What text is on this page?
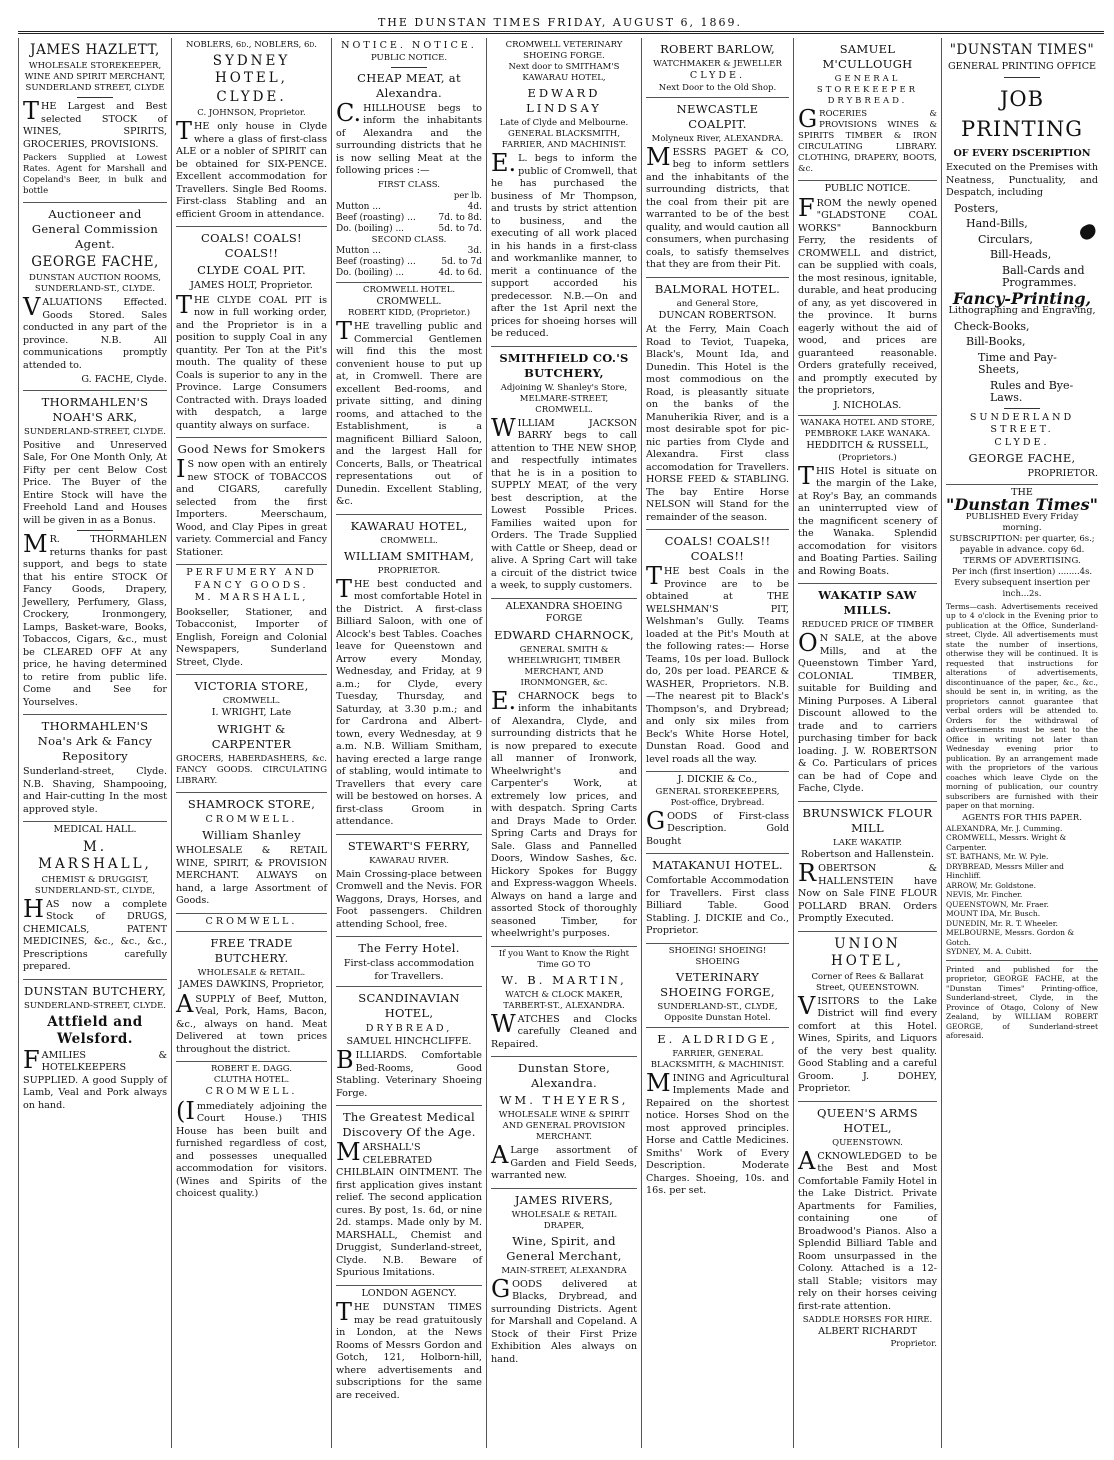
THE DUNSTAN TIMES FRIDAY, AUGUST 6, 1869.
JAMES HAZLETT,
WHOLESALE STOREKEEPER, WINE AND SPIRIT MERCHANT, SUNDERLAND STREET, CLYDE
THE Largest and Best selected STOCK of WINES, SPIRITS, GROCERIES, PROVISIONS.
Packers Supplied at Lowest Rates. Agent for Marshall and Copeland's Beer, in bulk and bottle
Auctioneer and General Commission Agent.
GEORGE FACHE,
DUNSTAN AUCTION ROOMS, SUNDERLAND-ST., CLYDE.
VALUATIONS Effected. Goods Stored. Sales conducted in any part of the province. N.B. All communications promptly attended to.
G. FACHE, Clyde.
THORMAHLEN'S NOAH'S ARK,
SUNDERLAND-STREET, CLYDE.
Positive and Unreserved Sale, For One Month Only, At Fifty per cent Below Cost Price. The Buyer of the Entire Stock will have the Freehold Land and Houses will be given in as a Bonus.
MR. THORMAHLEN returns thanks for past support, and begs to state that his entire STOCK Of Fancy Goods, Drapery, Jewellery, Perfumery, Glass, Crockery, Ironmongery, Lamps, Basket-ware, Books, Tobaccos, Cigars, &c., must be CLEARED OFF At any price, he having determined to retire from public life. Come and See for Yourselves.
THORMAHLEN'S Noa's Ark & Fancy Repository
Sunderland-street, Clyde. N.B. Shaving, Shampooing, and Hair-cutting In the most approved style.
MEDICAL HALL.
M. MARSHALL,
CHEMIST & DRUGGIST, SUNDERLAND-ST., CLYDE,
HAS now a complete Stock of DRUGS, CHEMICALS, PATENT MEDICINES, &c., &c., &c., Prescriptions carefully prepared.
DUNSTAN BUTCHERY,
SUNDERLAND-STREET, CLYDE.
Attfield and Welsford.
FAMILIES & HOTELKEEPERS SUPPLIED. A good Supply of Lamb, Veal and Pork always on hand.
NOBLERS, 6d., NOBLERS, 6d.
SYDNEY HOTEL,
CLYDE.
C. JOHNSON, Proprietor.
THE only house in Clyde where a glass of first-class ALE or a nobler of SPIRIT can be obtained for SIX-PENCE. Excellent accommodation for Travellers. Single Bed Rooms. First-class Stabling and an efficient Groom in attendance.
COALS! COALS! COALS!!
CLYDE COAL PIT.
JAMES HOLT, Proprietor.
THE CLYDE COAL PIT is now in full working order, and the Proprietor is in a position to supply Coal in any quantity. Per Ton at the Pit's mouth. The quality of these Coals is superior to any in the Province. Large Consumers Contracted with. Drays loaded with despatch, a large quantity always on surface.
Good News for Smokers
IS now open with an entirely new STOCK of TOBACCOS and CIGARS, carefully selected from the first Importers. Meerschaum, Wood, and Clay Pipes in great variety. Commercial and Fancy Stationer.
PERFUMERY AND FANCY GOODS.
M. MARSHALL,
Bookseller, Stationer, and Tobacconist, Importer of English, Foreign and Colonial Newspapers, Sunderland Street, Clyde.
VICTORIA STORE,
CROMWELL.
I. WRIGHT, Late
WRIGHT & CARPENTER
GROCERS, HABERDASHERS, &c. FANCY GOODS. CIRCULATING LIBRARY.
SHAMROCK STORE,
CROMWELL.
William Shanley
WHOLESALE & RETAIL WINE, SPIRIT, & PROVISION MERCHANT. ALWAYS on hand, a large Assortment of Goods.
CROMWELL.
FREE TRADE BUTCHERY.
WHOLESALE & RETAIL.
JAMES DAWKINS, Proprietor,
ASUPPLY of Beef, Mutton, Veal, Pork, Hams, Bacon, &c., always on hand. Meat Delivered at town prices throughout the district.
ROBERT E. DAGG.
CLUTHA HOTEL.
CROMWELL.
(Immediately adjoining the Court House.) THIS House has been built and furnished regardless of cost, and possesses unequalled accommodation for visitors. (Wines and Spirits of the choicest quality.)
NOTICE. NOTICE.
PUBLIC NOTICE.
CHEAP MEAT, at Alexandra.
C.HILLHOUSE begs to inform the inhabitants of Alexandra and the surrounding districts that he is now selling Meat at the following prices :—
FIRST CLASS.
per lb.
Mutton ...	4d.
Beef (roasting) ...	7d. to 8d.
Do. (boiling) ...	5d. to 7d.
SECOND CLASS.
Mutton ...	3d.
Beef (roasting) ...	5d. to 7d
Do. (boiling) ...	4d. to 6d.
CROMWELL HOTEL.
CROMWELL.
ROBERT KIDD, (Proprietor.)
THE travelling public and Commercial Gentlemen will find this the most convenient house to put up at, in Cromwell. There are excellent Bed-rooms, and private sitting, and dining rooms, and attached to the Establishment, is a magnificent Billiard Saloon, and the largest Hall for Concerts, Balls, or Theatrical representations out of Dunedin. Excellent Stabling, &c.
KAWARAU HOTEL,
CROMWELL.
WILLIAM SMITHAM,
PROPRIETOR.
THE best conducted and most comfortable Hotel in the District. A first-class Billiard Saloon, with one of Alcock's best Tables. Coaches leave for Queenstown and Arrow every Monday, Wednesday, and Friday, at 9 a.m.; for Clyde, every Tuesday, Thursday, and Saturday, at 3.30 p.m.; and for Cardrona and Albert-town, every Wednesday, at 9 a.m. N.B. William Smitham, having erected a large range of stabling, would intimate to Travellers that every care will be bestowed on horses. A first-class Groom in attendance.
STEWART'S FERRY,
KAWARAU RIVER.
Main Crossing-place between Cromwell and the Nevis. FOR Waggons, Drays, Horses, and Foot passengers. Children attending School, free.
The Ferry Hotel.
First-class accommodation for Travellers.
SCANDINAVIAN HOTEL,
DRYBREAD,
SAMUEL HINCHCLIFFE.
BILLIARDS. Comfortable Bed-Rooms, Good Stabling. Veterinary Shoeing Forge.
The Greatest Medical Discovery Of the Age.
MARSHALL'S CELEBRATED CHILBLAIN OINTMENT. The first application gives instant relief. The second application cures. By post, 1s. 6d, or nine 2d. stamps. Made only by M. MARSHALL, Chemist and Druggist, Sunderland-street, Clyde. N.B. Beware of Spurious Imitations.
LONDON AGENCY.
THE DUNSTAN TIMES may be read gratuitously in London, at the News Rooms of Messrs Gordon and Gotch, 121, Holborn-hill, where advertisements and subscriptions for the same are received.
CROMWELL VETERINARY SHOEING FORGE.
Next door to SMITHAM'S KAWARAU HOTEL,
EDWARD LINDSAY
Late of Clyde and Melbourne. GENERAL BLACKSMITH, FARRIER, AND MACHINIST.
E.L. begs to inform the public of Cromwell, that he has purchased the business of Mr Thompson, and trusts by strict attention to business, and the executing of all work placed in his hands in a first-class and workmanlike manner, to merit a continuance of the support accorded his predecessor. N.B.—On and after the 1st April next the prices for shoeing horses will be reduced.
SMITHFIELD CO.'S BUTCHERY,
Adjoining W. Shanley's Store, MELMARE-STREET, CROMWELL.
WILLIAM JACKSON BARRY begs to call attention to THE NEW SHOP, and respectfully intimates that he is in a position to SUPPLY MEAT, of the very best description, at the Lowest Possible Prices. Families waited upon for Orders. The Trade Supplied with Cattle or Sheep, dead or alive. A Spring Cart will take a circuit of the district twice a week, to supply customers.
ALEXANDRA SHOEING FORGE
EDWARD CHARNOCK,
GENERAL SMITH & WHEELWRIGHT, TIMBER MERCHANT, AND IRONMONGER, &c.
E.CHARNOCK begs to inform the inhabitants of Alexandra, Clyde, and surrounding districts that he is now prepared to execute all manner of Ironwork, Wheelwright's and Carpenter's Work, at extremely low prices, and with despatch. Spring Carts and Drays Made to Order. Spring Carts and Drays for Sale. Glass and Pannelled Doors, Window Sashes, &c. Hickory Spokes for Buggy and Express-waggon Wheels. Always on hand a large and assorted Stock of thoroughly seasoned Timber, for wheelwright's purposes.
If you Want to Know the Right Time GO TO
W. B. MARTIN,
WATCH & CLOCK MAKER, TARBERT-ST., ALEXANDRA.
WATCHES and Clocks carefully Cleaned and Repaired.
Dunstan Store, Alexandra.
WM. THEYERS,
WHOLESALE WINE & SPIRIT AND GENERAL PROVISION MERCHANT.
ALarge assortment of Garden and Field Seeds, warranted new.
JAMES RIVERS,
WHOLESALE & RETAIL DRAPER,
Wine, Spirit, and General Merchant,
MAIN-STREET, ALEXANDRA
GOODS delivered at Blacks, Drybread, and surrounding Districts. Agent for Marshall and Copeland. A Stock of their First Prize Exhibition Ales always on hand.
ROBERT BARLOW,
WATCHMAKER & JEWELLER
CLYDE.
Next Door to the Old Shop.
NEWCASTLE COALPIT.
Molyneux River, ALEXANDRA.
MESSRS PAGET & CO, beg to inform settlers and the inhabitants of the surrounding districts, that the coal from their pit are warranted to be of the best quality, and would caution all consumers, when purchasing coals, to satisfy themselves that they are from their Pit.
BALMORAL HOTEL.
and General Store,
DUNCAN ROBERTSON.
At the Ferry, Main Coach Road to Teviot, Tuapeka, Black's, Mount Ida, and Dunedin. This Hotel is the most commodious on the Road, is pleasantly situate on the banks of the Manuherikia River, and is a most desirable spot for pic-nic parties from Clyde and Alexandra. First class accomodation for Travellers. HORSE FEED & STABLING. The bay Entire Horse NELSON will Stand for the remainder of the season.
COALS! COALS!! COALS!!
THE best Coals in the Province are to be obtained at THE WELSHMAN'S PIT, Welshman's Gully. Teams loaded at the Pit's Mouth at the following rates:— Horse Teams, 10s per load. Bullock do, 20s per load. PEARCE & WASHER, Proprietors. N.B.—The nearest pit to Black's Thompson's, and Drybread; and only six miles from Beck's White Horse Hotel, Dunstan Road. Good and level roads all the way.
J. DICKIE & Co.,
GENERAL STOREKEEPERS, Post-office, Drybread.
GOODS of First-class Description. Gold Bought
MATAKANUI HOTEL.
Comfortable Accommodation for Travellers. First class Billiard Table. Good Stabling. J. DICKIE and Co., Proprietor.
SHOEING! SHOEING! SHOEING
VETERINARY SHOEING FORGE,
SUNDERLAND-ST., CLYDE, Opposite Dunstan Hotel.
E. ALDRIDGE,
FARRIER, GENERAL BLACKSMITH, & MACHINIST.
MINING and Agricultural Implements Made and Repaired on the shortest notice. Horses Shod on the most approved principles. Horse and Cattle Medicines. Smiths' Work of Every Description. Moderate Charges. Shoeing, 10s. and 16s. per set.
SAMUEL M'CULLOUGH
GENERAL STOREKEEPER DRYBREAD.
GROCERIES & PROVISIONS WINES & SPIRITS TIMBER & IRON CIRCULATING LIBRARY. CLOTHING, DRAPERY, BOOTS, &c.
PUBLIC NOTICE.
FROM the newly opened "GLADSTONE COAL WORKS" Bannockburn Ferry, the residents of CROMWELL and district, can be supplied with coals, the most resinous, ignitable, durable, and heat producing of any, as yet discovered in the province. It burns eagerly without the aid of wood, and prices are guaranteed reasonable. Orders gratefully received, and promptly executed by the proprietors,
J. NICHOLAS.
WANAKA HOTEL AND STORE, PEMBROKE LAKE WANAKA.
HEDDITCH & RUSSELL,
(Proprietors.)
THIS Hotel is situate on the margin of the Lake, at Roy's Bay, an commands an uninterrupted view of the magnificent scenery of the Wanaka. Splendid accomodation for visitors and Boating Parties. Sailing and Rowing Boats.
WAKATIP SAW MILLS.
REDUCED PRICE OF TIMBER
ON SALE, at the above Mills, and at the Queenstown Timber Yard, COLONIAL TIMBER, suitable for Building and Mining Purposes. A Liberal Discount allowed to the trade and to carriers purchasing timber for back loading. J. W. ROBERTSON & Co. Particulars of prices can be had of Cope and Fache, Clyde.
BRUNSWICK FLOUR MILL
LAKE WAKATIP.
Robertson and Hallenstein.
ROBERTSON & HALLENSTEIN have Now on Sale FINE FLOUR POLLARD BRAN. Orders Promptly Executed.
UNION HOTEL,
Corner of Rees & Ballarat Street, QUEENSTOWN.
VISITORS to the Lake District will find every comfort at this Hotel. Wines, Spirits, and Liquors of the very best quality. Good Stabling and a careful Groom. J. DOHEY, Proprietor.
QUEEN'S ARMS HOTEL,
QUEENSTOWN.
ACKNOWLEDGED to be the Best and Most Comfortable Family Hotel in the Lake District. Private Apartments for Families, containing one of Broadwood's Pianos. Also a Splendid Billiard Table and Room unsurpassed in the Colony. Attached is a 12-stall Stable; visitors may rely on their horses ceiving first-rate attention.
SADDLE HORSES FOR HIRE.
ALBERT RICHARDT
Proprietor.
"DUNSTAN TIMES"
GENERAL PRINTING OFFICE
JOB PRINTING
OF EVERY DSCERIPTION
Executed on the Premises with Neatness, Punctuality, and Despatch, including
Posters,
Hand-Bills,
Circulars,
Bill-Heads,
Ball-Cards and Programmes.
Fancy-Printing,
Lithographing and Engraving,
Check-Books,
Bill-Books,
Time and Pay-Sheets,
Rules and Bye-Laws.
SUNDERLAND STREET.
CLYDE.
GEORGE FACHE,
PROPRIETOR.
THE
"Dunstan Times"
PUBLISHED Every Friday morning.
SUBSCRIPTION: per quarter, 6s.; payable in advance. copy 6d.
TERMS OF ADVERTISING.
Per inch (first insertion) ........4s.
Every subsequent insertion per inch...2s.
Terms—cash. Advertisements received up to 4 o'clock in the Evening prior to publication at the Office, Sunderland-street, Clyde. All advertisements must state the number of insertions, otherwise they will be continued. It is requested that instructions for alterations of advertisements, discontinuance of the paper, &c., &c., should be sent in, in writing, as the proprietors cannot guarantee that verbal orders will be attended to. Orders for the withdrawal of advertisements must be sent to the Office in writing not later than Wednesday evening prior to publication. By an arrangement made with the proprietors of the various coaches which leave Clyde on the morning of publication, our country subscribers are furnished with their paper on that morning.
AGENTS FOR THIS PAPER.
ALEXANDRA, Mr. J. Cumming.
CROMWELL, Messrs. Wright & Carpenter.
ST. BATHANS, Mr. W. Pyle.
DRYBREAD, Messrs Miller and Hinchliff.
ARROW, Mr. Goldstone.
NEVIS, Mr. Fincher.
QUEENSTOWN, Mr. Fraer.
MOUNT IDA, Mr. Busch.
DUNEDIN, Mr. R. T. Wheeler.
MELBOURNE, Messrs. Gordon & Gotch.
SYDNEY, M. A. Cubitt.
Printed and published for the proprietor, GEORGE FACHE, at the "Dunstan Times" Printing-office, Sunderland-street, Clyde, in the Province of Otago, Colony of New Zealand, by WILLIAM ROBERT GEORGE, of Sunderland-street aforesaid.
